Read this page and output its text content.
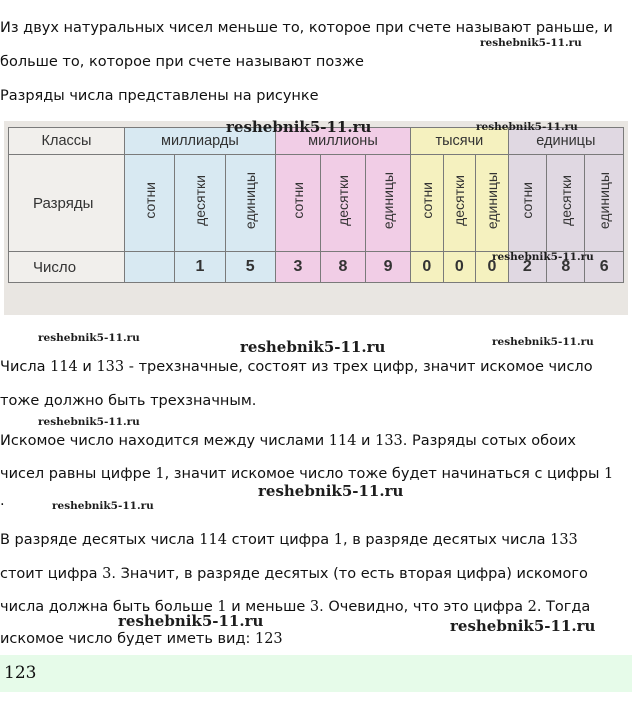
Из двух натуральных чисел меньше то, которое при счете называют раньше, и
больше то, которое при счете называют позже
Разряды числа представлены на рисунке
Классы	миллиарды			миллионы			тысячи			единицы		
Разряды	сотни	десятки	единицы	сотни	десятки	единицы	сотни	десятки	единицы	сотни	десятки	единицы
Число		1	5	3	8	9	0	0	0	2	8	6
Числа 114 и 133 - трехзначные, состоят из трех цифр, значит искомое число
тоже должно быть трехзначным.
Искомое число находится между числами 114 и 133. Разряды сотых обоих
чисел равны цифре 1, значит искомое число тоже будет начинаться с цифры 1
.
В разряде десятых числа 114 стоит цифра 1, в разряде десятых числа 133
стоит цифра 3. Значит, в разряде десятых (то есть вторая цифра) искомого
числа должна быть больше 1 и меньше 3. Очевидно, что это цифра 2. Тогда
искомое число будет иметь вид: 123
123
reshebnik5-11.ru
reshebnik5-11.ru	reshebnik5-11.ru
reshebnik5-11.ru
reshebnik5-11.ru	reshebnik5-11.ru	reshebnik5-11.ru
reshebnik5-11.ru
reshebnik5-11.ru
reshebnik5-11.ru
reshebnik5-11.ru	reshebnik5-11.ru
